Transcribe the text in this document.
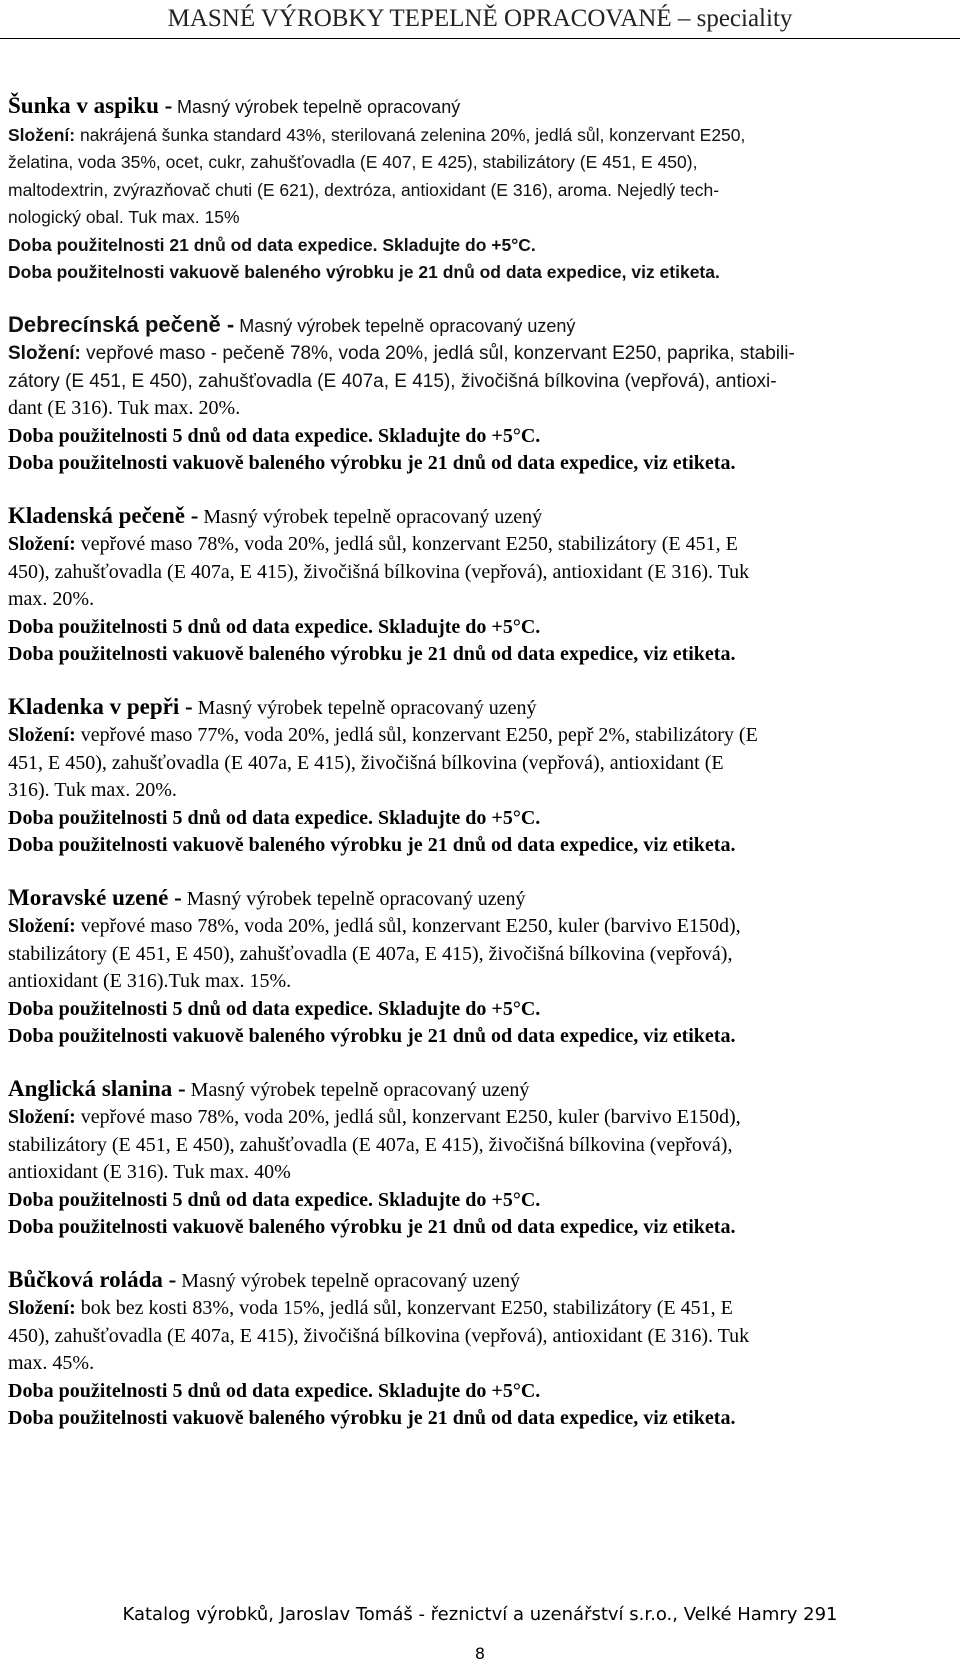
MASNÉ VÝROBKY TEPELNĚ OPRACOVANÉ – speciality
Šunka v aspiku - Masný výrobek tepelně opracovaný
Složení: nakrájená šunka standard 43%, sterilovaná zelenina 20%, jedlá sůl, konzervant E250,
želatina, voda 35%, ocet, cukr, zahušťovadla (E 407, E 425), stabilizátory (E 451, E 450),
maltodextrin, zvýrazňovač chuti (E 621), dextróza, antioxidant (E 316), aroma. Nejedlý tech-
nologický obal. Tuk max. 15%
Doba použitelnosti 21 dnů od data expedice. Skladujte do +5°C.
Doba použitelnosti vakuově baleného výrobku je 21 dnů od data expedice, viz etiketa.
Debrecínská pečeně - Masný výrobek tepelně opracovaný uzený
Složení: vepřové maso - pečeně 78%, voda 20%, jedlá sůl, konzervant E250, paprika, stabili-
zátory (E 451, E 450), zahušťovadla (E 407a, E 415), živočišná bílkovina (vepřová), antioxi-
dant (E 316). Tuk max. 20%.
Doba použitelnosti 5 dnů od data expedice. Skladujte do +5°C.
Doba použitelnosti vakuově baleného výrobku je 21 dnů od data expedice, viz etiketa.
Kladenská pečeně - Masný výrobek tepelně opracovaný uzený
Složení: vepřové maso 78%, voda 20%, jedlá sůl, konzervant E250, stabilizátory (E 451, E
450), zahušťovadla (E 407a, E 415), živočišná bílkovina (vepřová), antioxidant (E 316). Tuk
max. 20%.
Doba použitelnosti 5 dnů od data expedice. Skladujte do +5°C.
Doba použitelnosti vakuově baleného výrobku je 21 dnů od data expedice, viz etiketa.
Kladenka v pepři - Masný výrobek tepelně opracovaný uzený
Složení: vepřové maso 77%, voda 20%, jedlá sůl, konzervant E250, pepř 2%, stabilizátory (E
451, E 450), zahušťovadla (E 407a, E 415), živočišná bílkovina (vepřová), antioxidant (E
316). Tuk max. 20%.
Doba použitelnosti 5 dnů od data expedice. Skladujte do +5°C.
Doba použitelnosti vakuově baleného výrobku je 21 dnů od data expedice, viz etiketa.
Moravské uzené - Masný výrobek tepelně opracovaný uzený
Složení: vepřové maso 78%, voda 20%, jedlá sůl, konzervant E250, kuler (barvivo E150d),
stabilizátory (E 451, E 450), zahušťovadla (E 407a, E 415), živočišná bílkovina (vepřová),
antioxidant (E 316).Tuk max. 15%.
Doba použitelnosti 5 dnů od data expedice. Skladujte do +5°C.
Doba použitelnosti vakuově baleného výrobku je 21 dnů od data expedice, viz etiketa.
Anglická slanina - Masný výrobek tepelně opracovaný uzený
Složení: vepřové maso 78%, voda 20%, jedlá sůl, konzervant E250, kuler (barvivo E150d),
stabilizátory (E 451, E 450), zahušťovadla (E 407a, E 415), živočišná bílkovina (vepřová),
antioxidant (E 316). Tuk max. 40%
Doba použitelnosti 5 dnů od data expedice. Skladujte do +5°C.
Doba použitelnosti vakuově baleného výrobku je 21 dnů od data expedice, viz etiketa.
Bůčková roláda - Masný výrobek tepelně opracovaný uzený
Složení: bok bez kosti 83%, voda 15%, jedlá sůl, konzervant E250, stabilizátory (E 451, E
450), zahušťovadla (E 407a, E 415), živočišná bílkovina (vepřová), antioxidant (E 316). Tuk
max. 45%.
Doba použitelnosti 5 dnů od data expedice. Skladujte do +5°C.
Doba použitelnosti vakuově baleného výrobku je 21 dnů od data expedice, viz etiketa.
Katalog výrobků, Jaroslav Tomáš - řeznictví a uzenářství s.r.o., Velké Hamry 291
8
